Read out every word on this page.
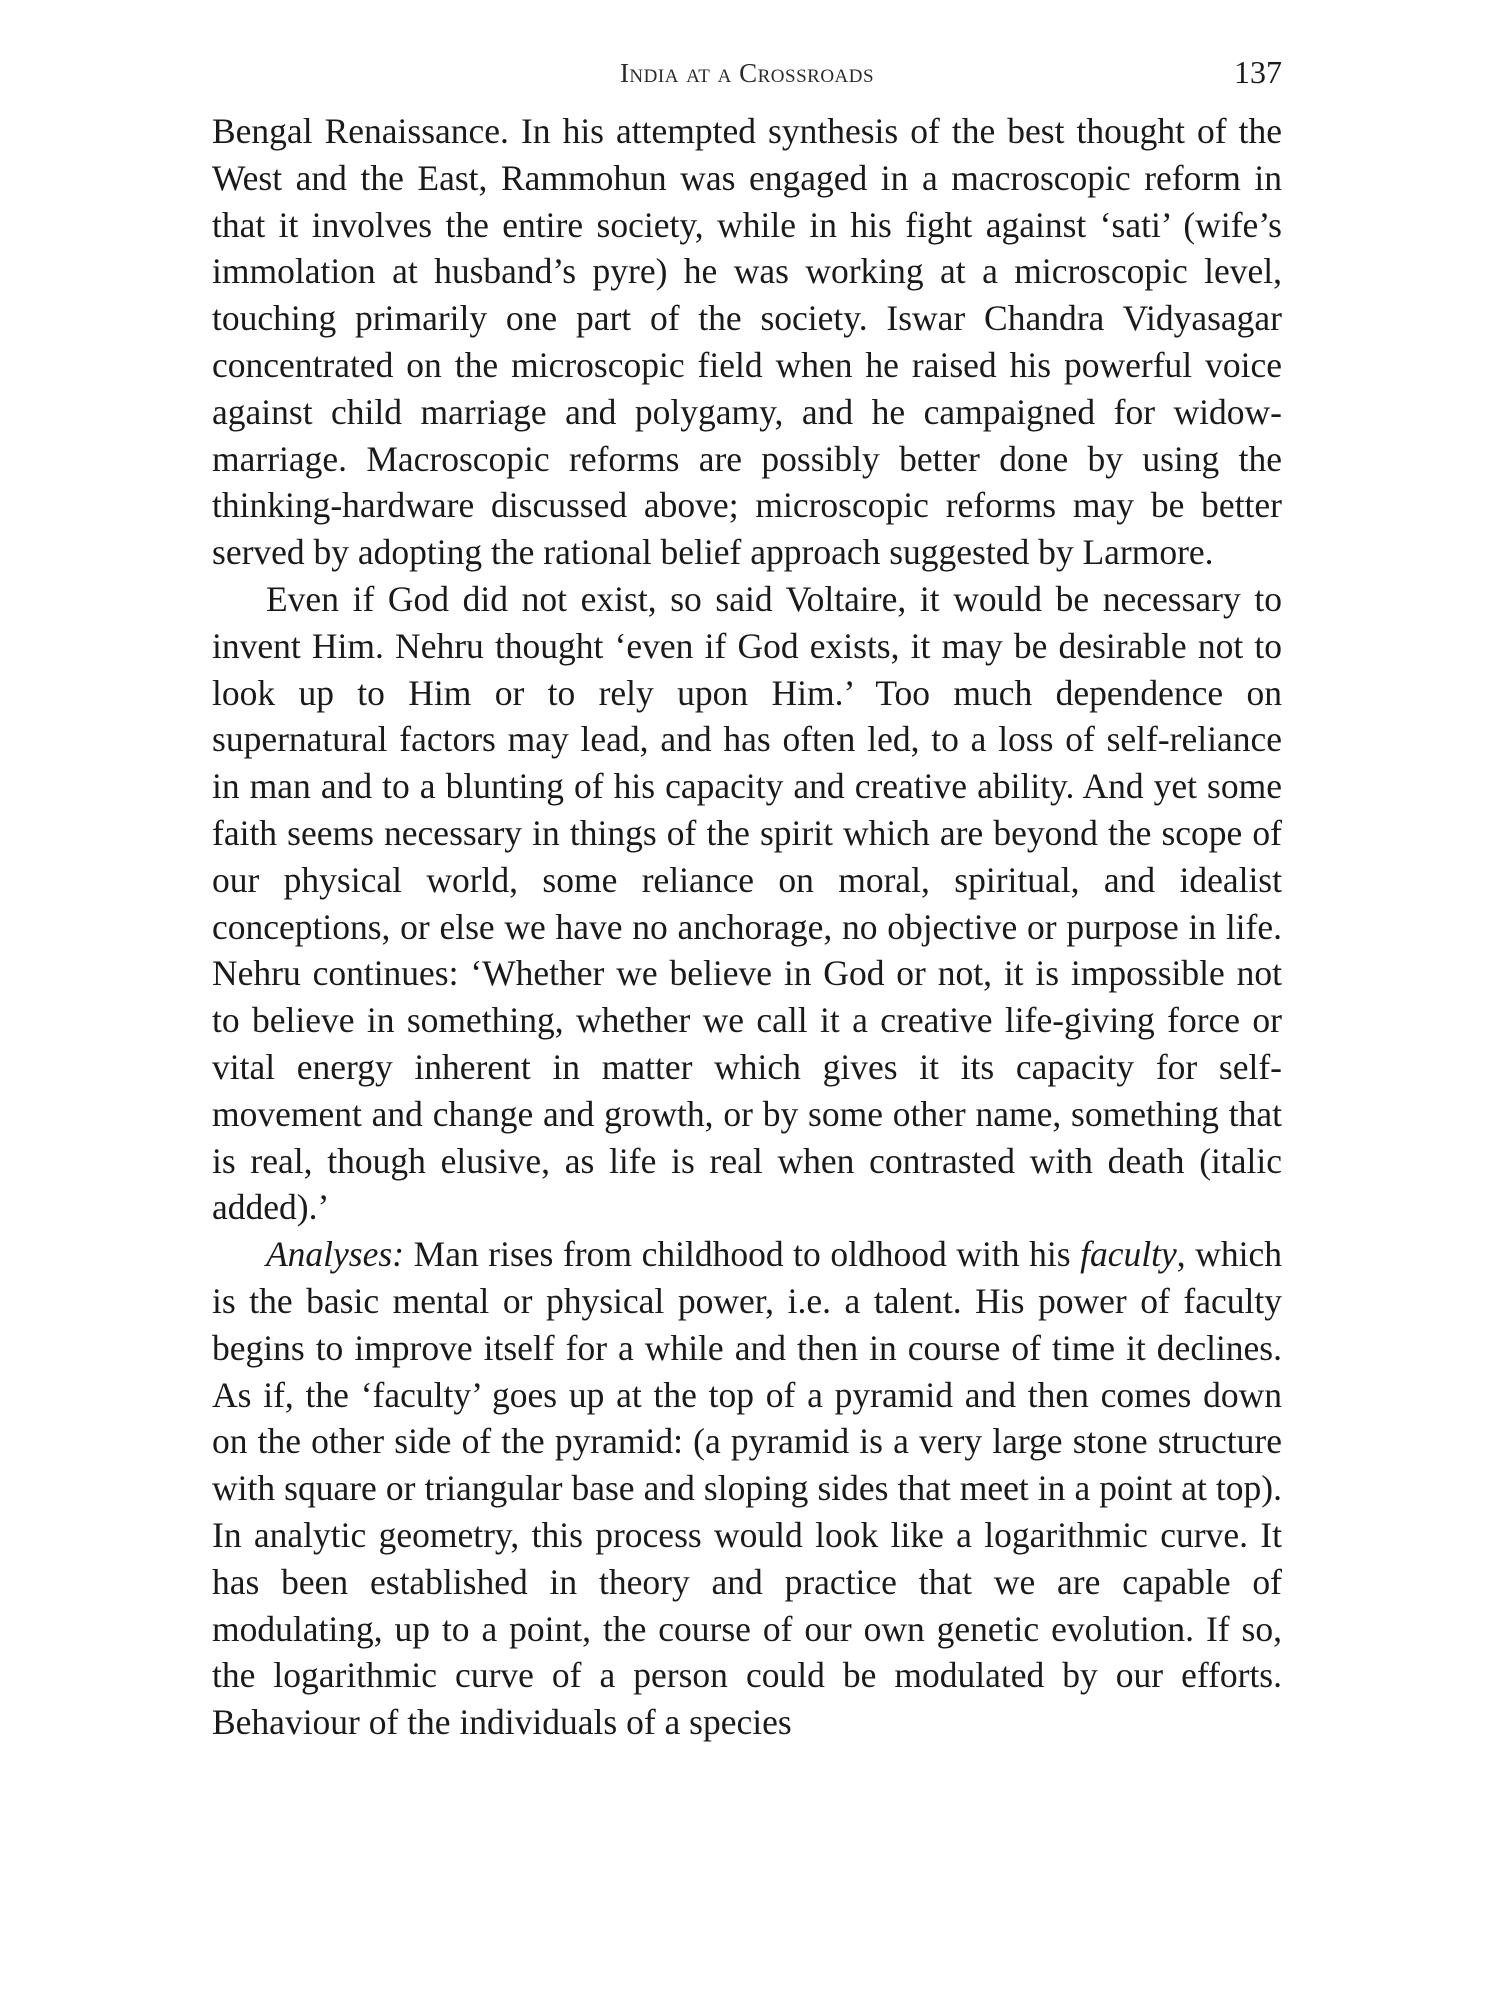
India at a Crossroads	137

Bengal Renaissance. In his attempted synthesis of the best thought of the West and the East, Rammohun was engaged in a macroscopic reform in that it involves the entire society, while in his fight against ‘sati’ (wife’s immolation at husband’s pyre) he was working at a microscopic level, touching primarily one part of the society. Iswar Chandra Vidyasagar concentrated on the microscopic field when he raised his powerful voice against child marriage and polygamy, and he campaigned for widow-marriage. Macroscopic reforms are possibly better done by using the thinking-hardware discussed above; microscopic reforms may be better served by adopting the rational belief approach suggested by Larmore.

Even if God did not exist, so said Voltaire, it would be necessary to invent Him. Nehru thought ‘even if God exists, it may be desirable not to look up to Him or to rely upon Him.’ Too much dependence on supernatural factors may lead, and has often led, to a loss of self-reliance in man and to a blunting of his capacity and creative ability. And yet some faith seems necessary in things of the spirit which are beyond the scope of our physical world, some reliance on moral, spiritual, and idealist conceptions, or else we have no anchorage, no objective or purpose in life. Nehru continues: ‘Whether we believe in God or not, it is impossible not to believe in something, whether we call it a creative life-giving force or vital energy inherent in matter which gives it its capacity for self-movement and change and growth, or by some other name, something that is real, though elusive, as life is real when contrasted with death (italic added).’

Analyses: Man rises from childhood to oldhood with his faculty, which is the basic mental or physical power, i.e. a talent. His power of faculty begins to improve itself for a while and then in course of time it declines. As if, the ‘faculty’ goes up at the top of a pyramid and then comes down on the other side of the pyramid: (a pyramid is a very large stone structure with square or triangular base and sloping sides that meet in a point at top). In analytic geometry, this process would look like a logarithmic curve. It has been established in theory and practice that we are capable of modulating, up to a point, the course of our own genetic evolution. If so, the logarithmic curve of a person could be modulated by our efforts. Behaviour of the individuals of a species
